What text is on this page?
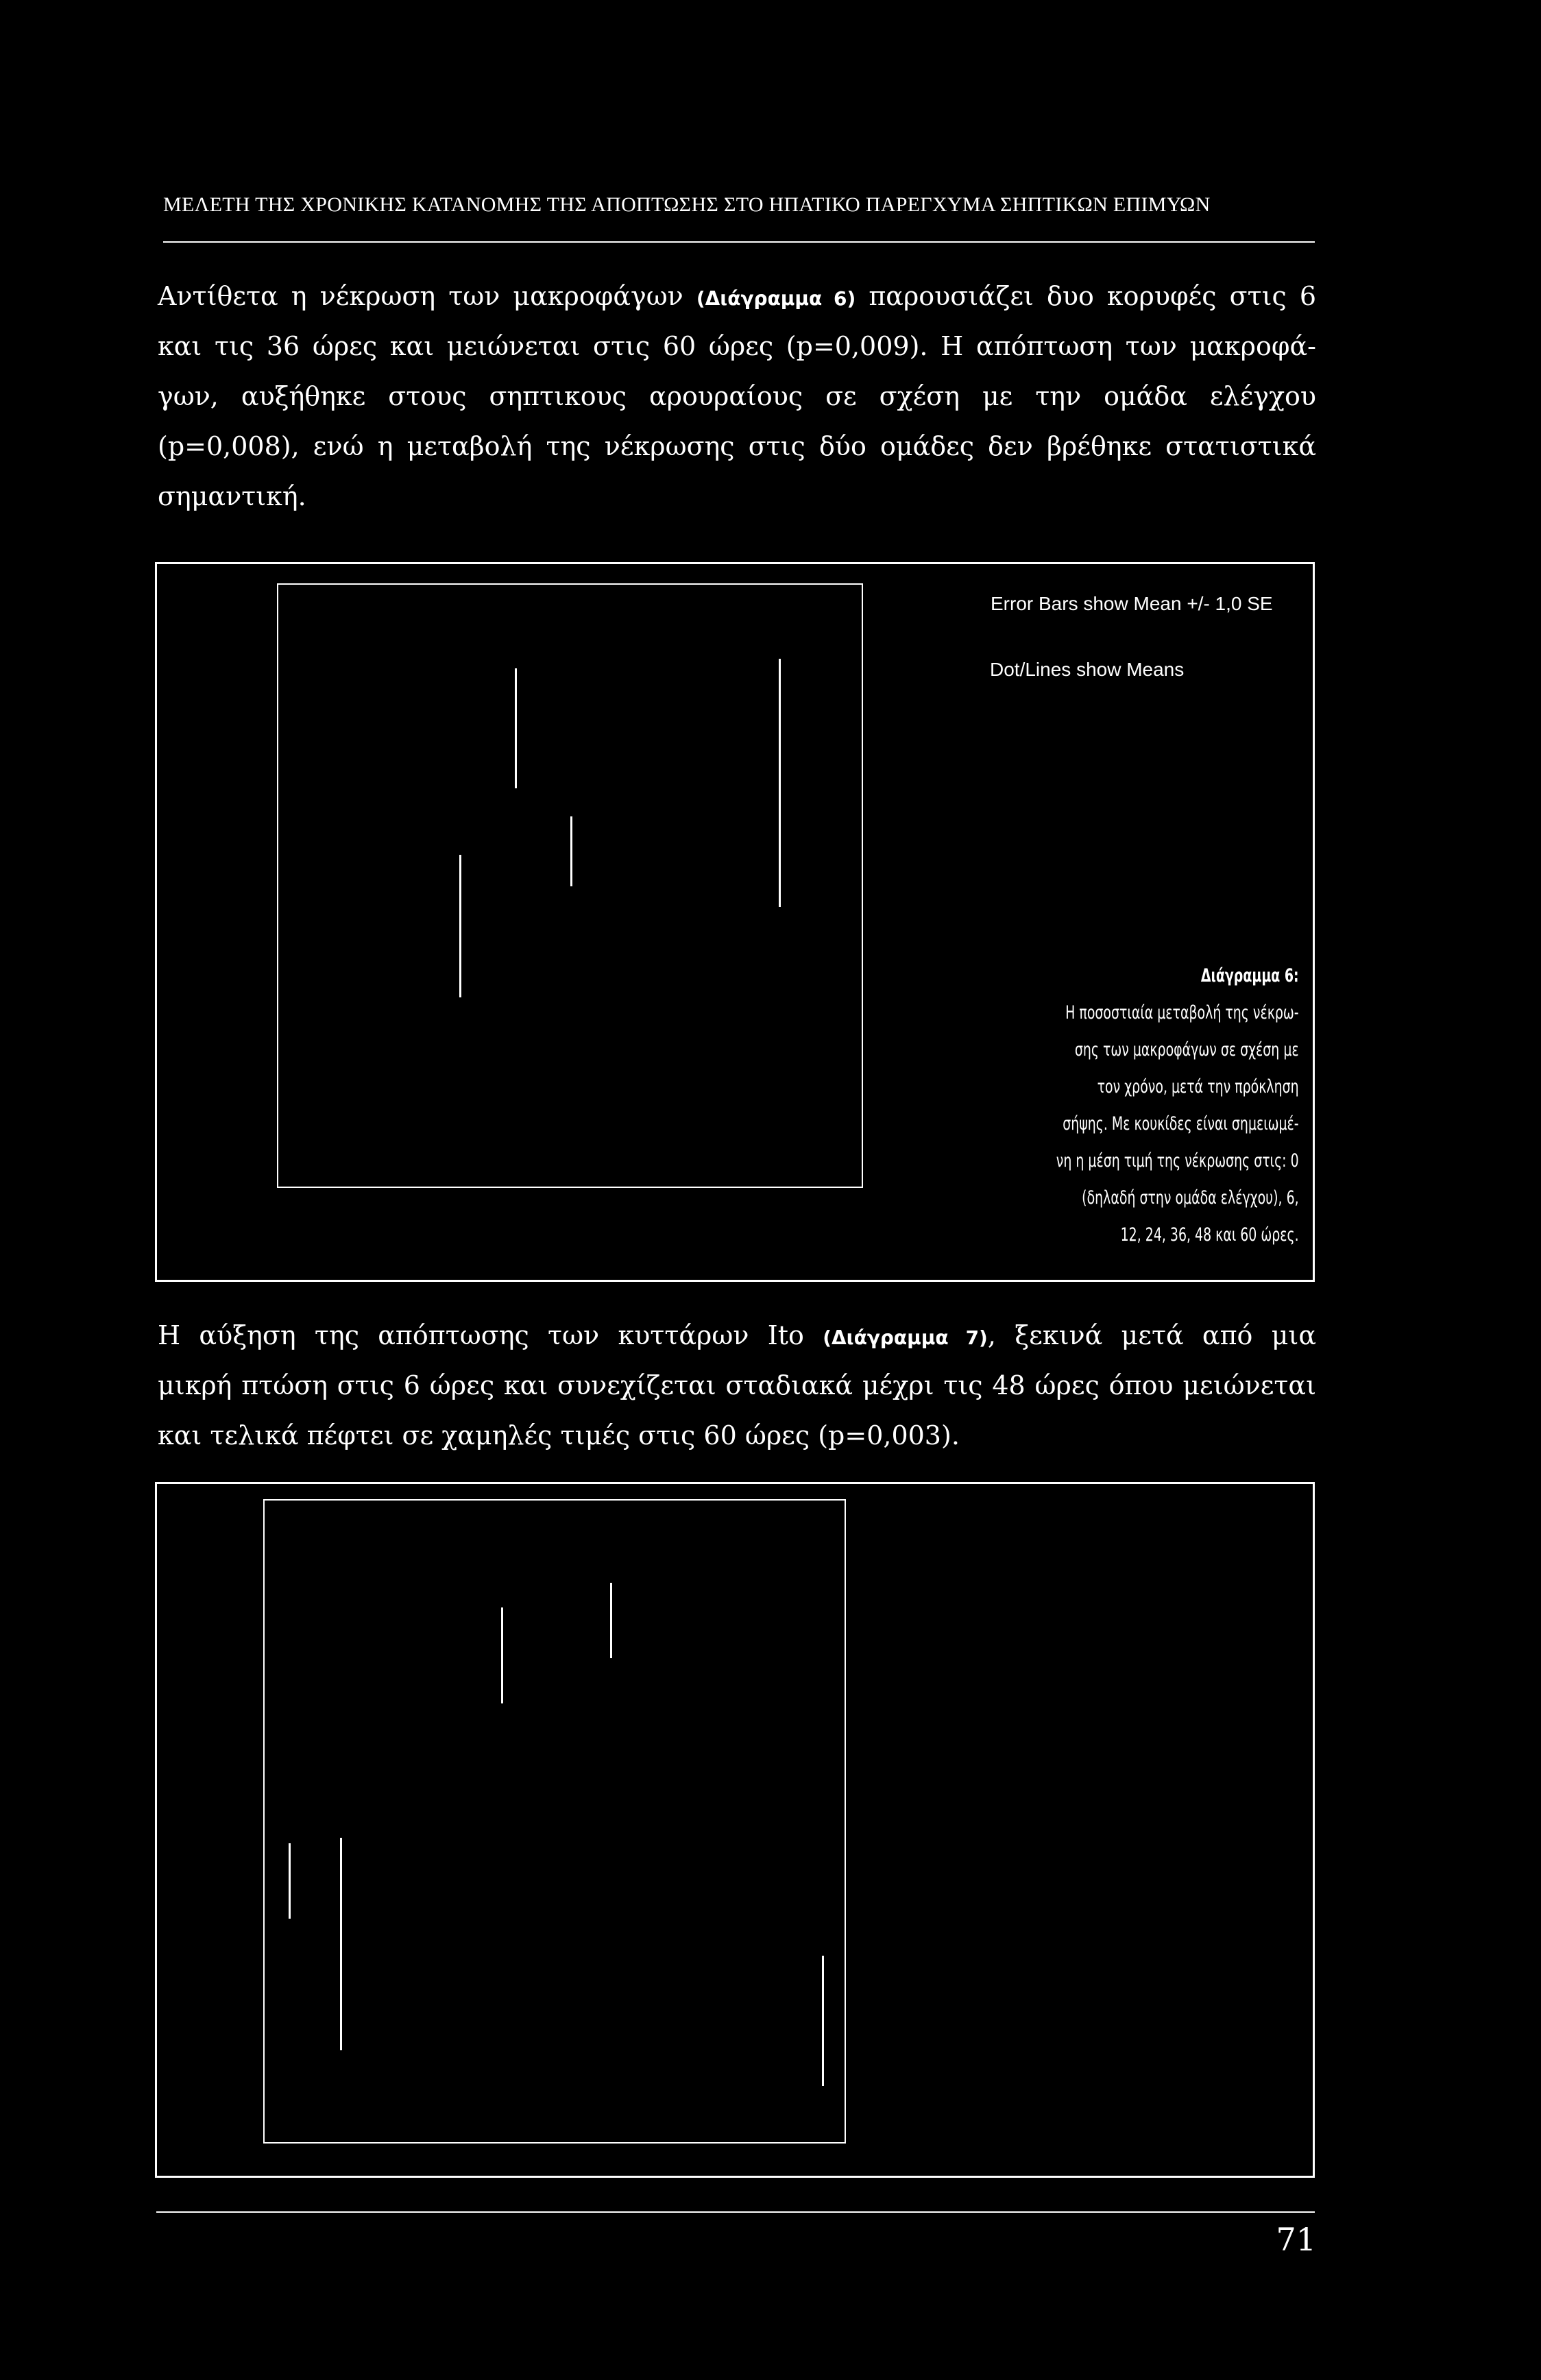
ΜΕΛΕΤΗ ΤΗΣ ΧΡΟΝΙΚΗΣ ΚΑΤΑΝΟΜΗΣ ΤΗΣ ΑΠΟΠΤΩΣΗΣ ΣΤΟ ΗΠΑΤΙΚΟ ΠΑΡΕΓΧΥΜΑ ΣΗΠΤΙΚΩΝ ΕΠΙΜΥΩΝ
Αντίθετα η νέκρωση των μακροφάγων (Διάγραμμα 6) παρουσιάζει δυο κορυφές στις 6
και τις 36 ώρες και μειώνεται στις 60 ώρες (p=0,009). Η απόπτωση των μακροφά-
γων, αυξήθηκε στους σηπτικους αρουραίους σε σχέση με την ομάδα ελέγχου
(p=0,008), ενώ η μεταβολή της νέκρωσης στις δύο ομάδες δεν βρέθηκε στατιστικά
σημαντική.
Error Bars show Mean +/- 1,0 SE
Dot/Lines show Means
Διάγραμμα 6:
Η ποσοστιαία μεταβολή της νέκρω-
σης των μακροφάγων σε σχέση με
τον χρόνο, μετά την πρόκληση
σήψης. Με κουκίδες είναι σημειωμέ-
νη η μέση τιμή της νέκρωσης στις: 0
(δηλαδή στην ομάδα ελέγχου), 6,
12, 24, 36, 48 και 60 ώρες.
Η αύξηση της απόπτωσης των κυττάρων Ito (Διάγραμμα 7), ξεκινά μετά από μια
μικρή πτώση στις 6 ώρες και συνεχίζεται σταδιακά μέχρι τις 48 ώρες όπου μειώνεται
και τελικά πέφτει σε χαμηλές τιμές στις 60 ώρες (p=0,003).
71
